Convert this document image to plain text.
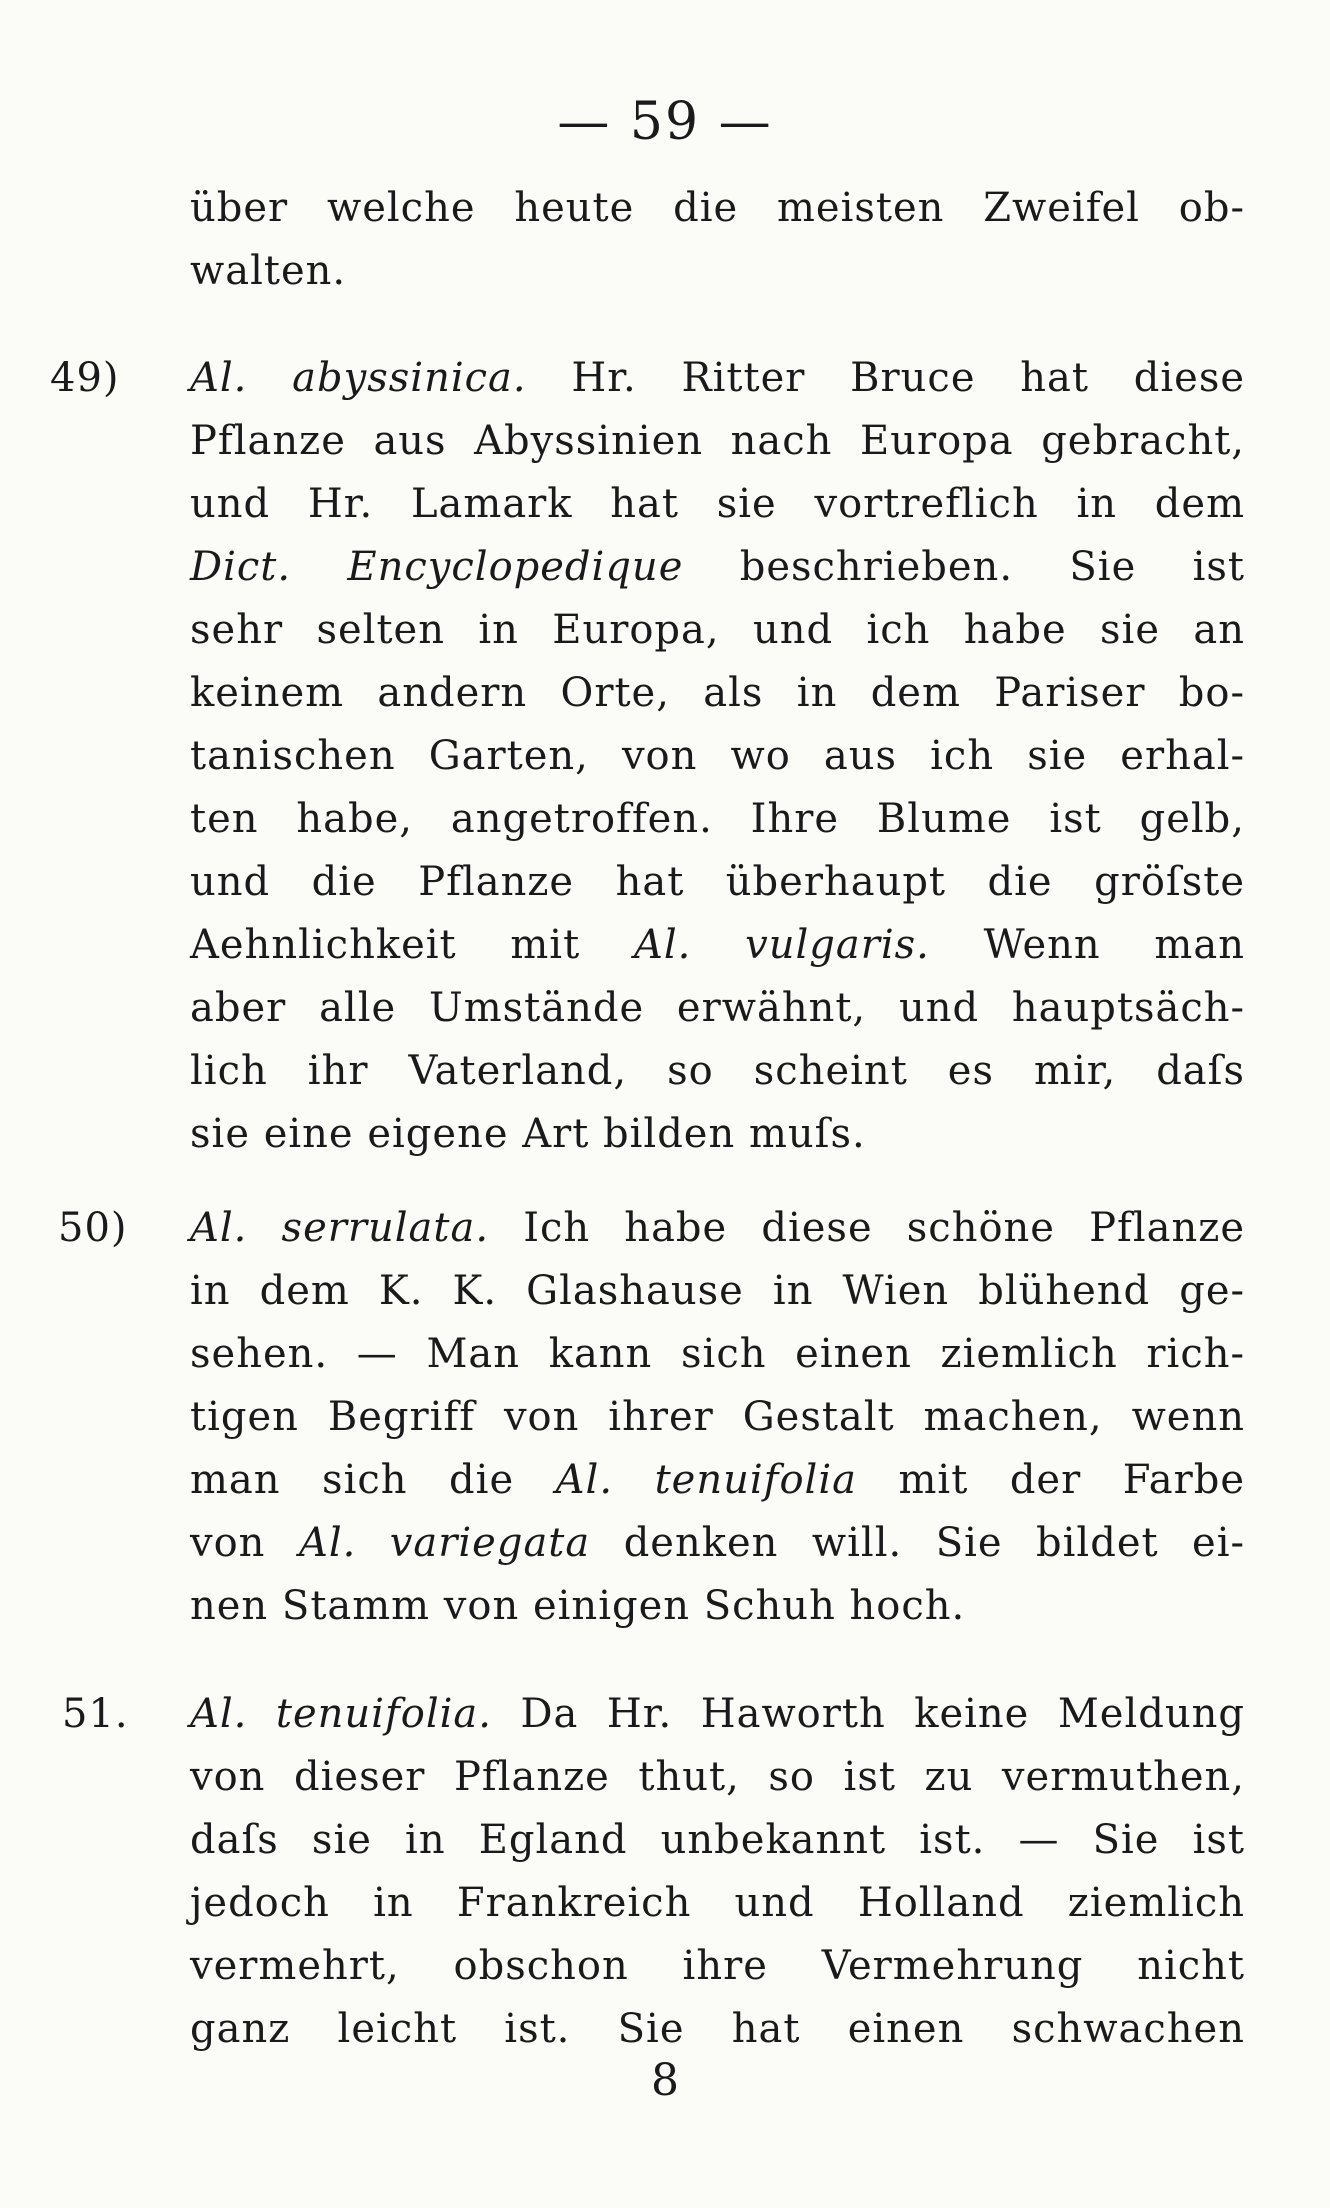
— 59 —
über welche heute die meisten Zweifel ob-
walten.
49) Al. abyssinica. Hr. Ritter Bruce hat diese
Pflanze aus Abyssinien nach Europa gebracht,
und Hr. Lamark hat sie vortreflich in dem
Dict. Encyclopedique beschrieben. Sie ist
sehr selten in Europa, und ich habe sie an
keinem andern Orte, als in dem Pariser bo-
tanischen Garten, von wo aus ich sie erhal-
ten habe, angetroffen. Ihre Blume ist gelb,
und die Pflanze hat überhaupt die gröſste
Aehnlichkeit mit Al. vulgaris. Wenn man
aber alle Umstände erwähnt, und hauptsäch-
lich ihr Vaterland, so scheint es mir, daſs
sie eine eigene Art bilden muſs.
50) Al. serrulata. Ich habe diese schöne Pflanze
in dem K. K. Glashause in Wien blühend ge-
sehen. — Man kann sich einen ziemlich rich-
tigen Begriff von ihrer Gestalt machen, wenn
man sich die Al. tenuifolia mit der Farbe
von Al. variegata denken will. Sie bildet ei-
nen Stamm von einigen Schuh hoch.
51. Al. tenuifolia. Da Hr. Haworth keine Meldung
von dieser Pflanze thut, so ist zu vermuthen,
daſs sie in Egland unbekannt ist. — Sie ist
jedoch in Frankreich und Holland ziemlich
vermehrt, obschon ihre Vermehrung nicht
ganz leicht ist. Sie hat einen schwachen
8
